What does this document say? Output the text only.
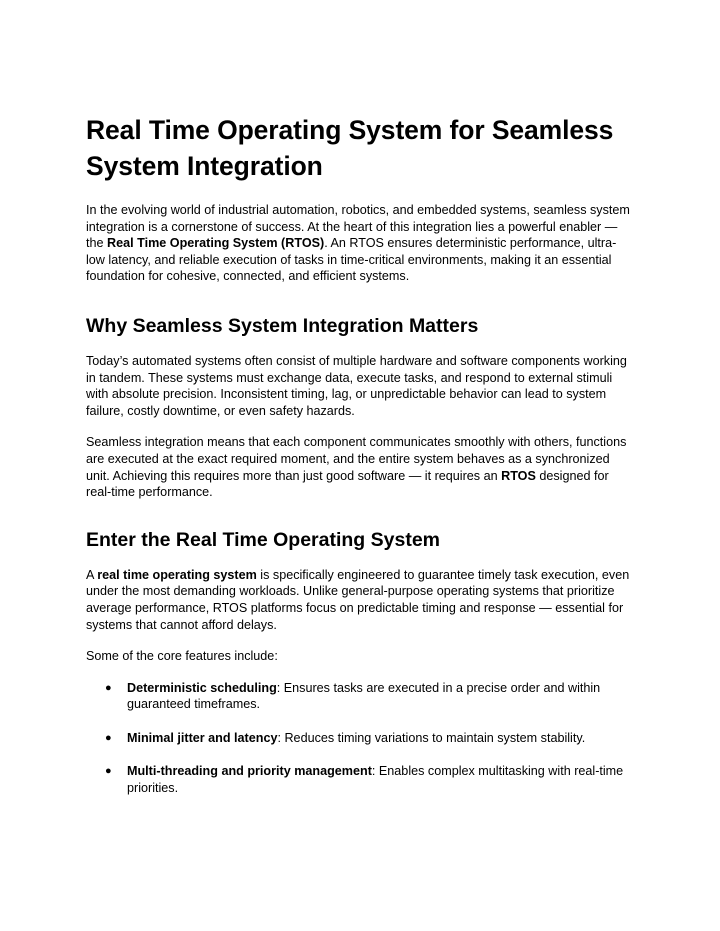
Real Time Operating System for Seamless System Integration

In the evolving world of industrial automation, robotics, and embedded systems, seamless system integration is a cornerstone of success. At the heart of this integration lies a powerful enabler — the Real Time Operating System (RTOS). An RTOS ensures deterministic performance, ultra-low latency, and reliable execution of tasks in time-critical environments, making it an essential foundation for cohesive, connected, and efficient systems.

Why Seamless System Integration Matters

Today’s automated systems often consist of multiple hardware and software components working in tandem. These systems must exchange data, execute tasks, and respond to external stimuli with absolute precision. Inconsistent timing, lag, or unpredictable behavior can lead to system failure, costly downtime, or even safety hazards.

Seamless integration means that each component communicates smoothly with others, functions are executed at the exact required moment, and the entire system behaves as a synchronized unit. Achieving this requires more than just good software — it requires an RTOS designed for real-time performance.

Enter the Real Time Operating System

A real time operating system is specifically engineered to guarantee timely task execution, even under the most demanding workloads. Unlike general-purpose operating systems that prioritize average performance, RTOS platforms focus on predictable timing and response — essential for systems that cannot afford delays.

Some of the core features include:

● Deterministic scheduling: Ensures tasks are executed in a precise order and within guaranteed timeframes.
● Minimal jitter and latency: Reduces timing variations to maintain system stability.
● Multi-threading and priority management: Enables complex multitasking with real-time priorities.
